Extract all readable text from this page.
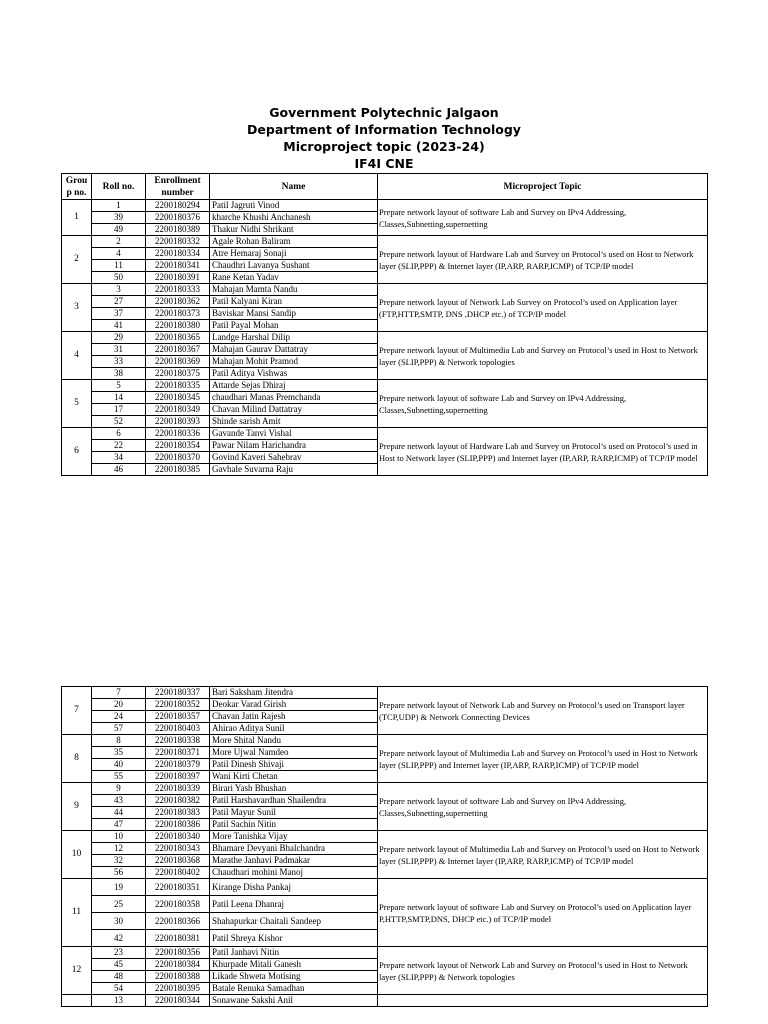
Government Polytechnic Jalgaon
Department of Information Technology
Microproject topic (2023-24)
IF4I CNE
Grou p no.	Roll no.	Enrollment number	Name	Microproject Topic
1	1	2200180294	Patil Jagruti Vinod	Prepare network layout of software Lab and Survey on IPv4 Addressing, Classes,Subnetting,supernetting
	39	2200180376	kharche Khushi Anchanesh	
	49	2200180389	Thakur Nidhi Shrikant	
2	2	2200180332	Agale Rohan Baliram	Prepare network layout of Hardware Lab and Survey on Protocol’s used on Host to Network layer (SLIP,PPP) & Internet layer (IP,ARP, RARP,ICMP) of TCP/IP model
	4	2200180334	Atre Hemaraj Sonaji	
	11	2200180341	Chaudhri Lavanya Sushant	
	50	2200180391	Rane Ketan Yadav	
3	3	2200180333	Mahajan Mamta Nandu	Prepare network layout of Network Lab Survey on Protocol’s used on Application layer (FTP,HTTP,SMTP, DNS ,DHCP etc.) of TCP/IP model
	27	2200180362	Patil Kalyani Kiran	
	37	2200180373	Baviskar Mansi Sandip	
	41	2200180380	Patil Payal Mohan	
4	29	2200180365	Landge Harshal Dilip	Prepare network layout of Multimedia Lab and Survey on Protocol’s used in Host to Network layer (SLIP,PPP) & Network topologies
	31	2200180367	Mahajan Gaurav Dattatray	
	33	2200180369	Mahajan Mohit Pramod	
	38	2200180375	Patil Aditya Vishwas	
5	5	2200180335	Attarde Sejas Dhiraj	Prepare network layout of software Lab and Survey on IPv4 Addressing, Classes,Subnetting,supernetting
	14	2200180345	chaudhari Manas Premchanda	
	17	2200180349	Chavan Milind Dattatray	
	52	2200180393	Shinde sarish Amit	
6	6	2200180336	Gavande Tanvi Vishal	Prepare network layout of Hardware Lab and Survey on Protocol’s used on Protocol’s used in Host to Network layer (SLIP,PPP) and Internet layer (IP,ARP, RARP,ICMP) of TCP/IP model
	22	2200180354	Pawar Nilam Harichandra	
	34	2200180370	Govind Kaveri Sahebrav	
	46	2200180385	Gavhale Suvarna Raju	
7	7	2200180337	Bari Saksham Jitendra	Prepare network layout of Network Lab and Survey on Protocol’s used on Transport layer (TCP,UDP) & Network Connecting Devices
	20	2200180352	Deokar Varad Girish	
	24	2200180357	Chavan Jatin Rajesh	
	57	2200180403	Ahirao Aditya Sunil	
8	8	2200180338	More Shital Nandu	Prepare network layout of Multimedia Lab and Survey on Protocol’s used in Host to Network layer (SLIP,PPP) and Internet layer (IP,ARP, RARP,ICMP) of TCP/IP model
	35	2200180371	More Ujwal Namdeo	
	40	2200180379	Patil Dinesh Shivaji	
	55	2200180397	Wani Kirti Chetan	
9	9	2200180339	Birari Yash Bhushan	Prepare network layout of software Lab and Survey on IPv4 Addressing, Classes,Subnetting,supernetting
	43	2200180382	Patil Harshavardhan Shailendra	
	44	2200180383	Patil Mayur Sunil	
	47	2200180386	Patil Sachin Nitin	
10	10	2200180340	More Tanishka Vijay	Prepare network layout of Multimedia Lab and Survey on Protocol’s used on Host to Network layer (SLIP,PPP) & Internet layer (IP,ARP, RARP,ICMP) of TCP/IP model
	12	2200180343	Bhamare Devyani Bhalchandra	
	32	2200180368	Marathe Janhavi Padmakar	
	56	2200180402	Chaudhari mohini Manoj	
11	19	2200180351	Kirange Disha Pankaj	Prepare network layout of software Lab and Survey on Protocol’s used on Application layer P,HTTP,SMTP,DNS, DHCP etc.) of TCP/IP model
	25	2200180358	Patil Leena Dhanraj	
	30	2200180366	Shahapurkar Chaitali Sandeep	
	42	2200180381	Patil Shreya Kishor	
12	23	2200180356	Patil Janhavi Nitin	Prepare network layout of Network Lab and Survey on Protocol’s used in Host to Network layer (SLIP,PPP) & Network topologies
	45	2200180384	Khurpade Mitali Ganesh	
	48	2200180388	Likade Shweta Motising	
	54	2200180395	Batale Renuka Samadhan	
	13	2200180344	Sonawane Sakshi Anil	
